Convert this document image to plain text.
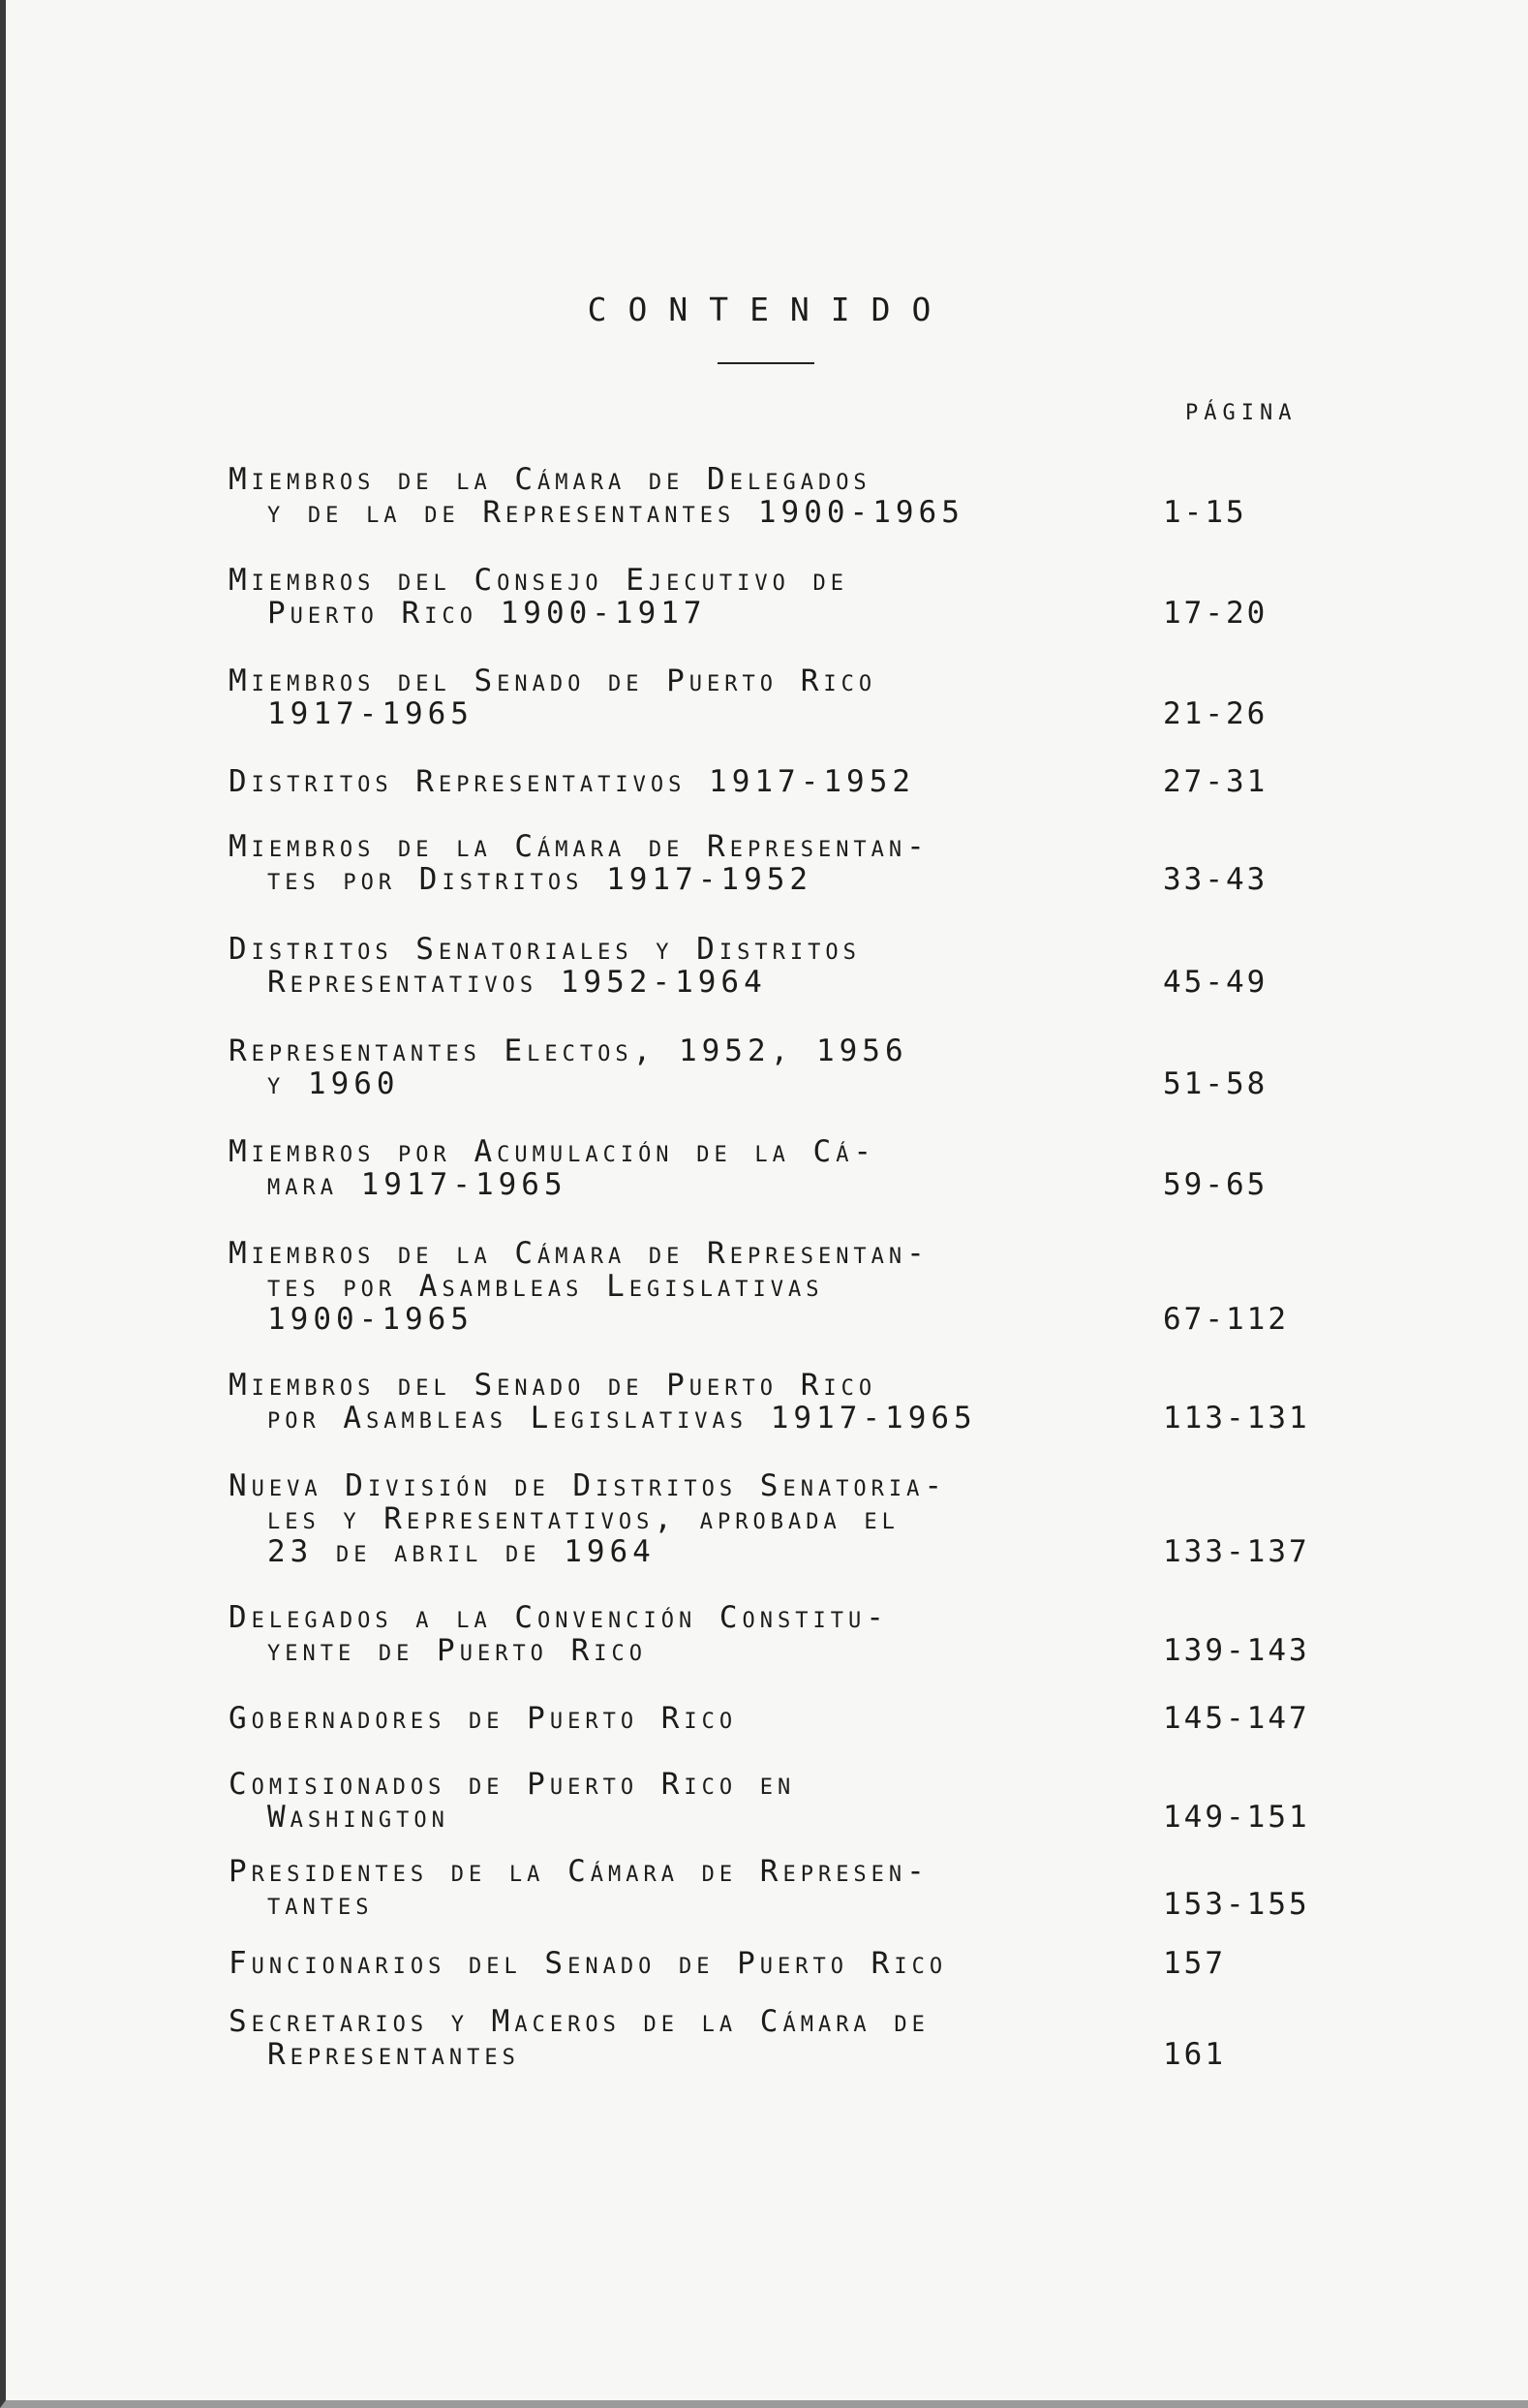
CONTENIDO
PÁGINA
Miembros de la Cámara de Delegados
y de la de Representantes 1900-1965	1-15
Miembros del Consejo Ejecutivo de
Puerto Rico 1900-1917	17-20
Miembros del Senado de Puerto Rico
1917-1965	21-26
Distritos Representativos 1917-1952	27-31
Miembros de la Cámara de Representan-
tes por Distritos 1917-1952	33-43
Distritos Senatoriales y Distritos
Representativos 1952-1964	45-49
Representantes Electos, 1952, 1956
y 1960	51-58
Miembros por Acumulación de la Cá-
mara 1917-1965	59-65
Miembros de la Cámara de Representan-
tes por Asambleas Legislativas
1900-1965	67-112
Miembros del Senado de Puerto Rico
por Asambleas Legislativas 1917-1965	113-131
Nueva División de Distritos Senatoria-
les y Representativos, aprobada el
23 de abril de 1964	133-137
Delegados a la Convención Constitu-
yente de Puerto Rico	139-143
Gobernadores de Puerto Rico	145-147
Comisionados de Puerto Rico en
Washington	149-151
Presidentes de la Cámara de Represen-
tantes	153-155
Funcionarios del Senado de Puerto Rico	157
Secretarios y Maceros de la Cámara de
Representantes	161
